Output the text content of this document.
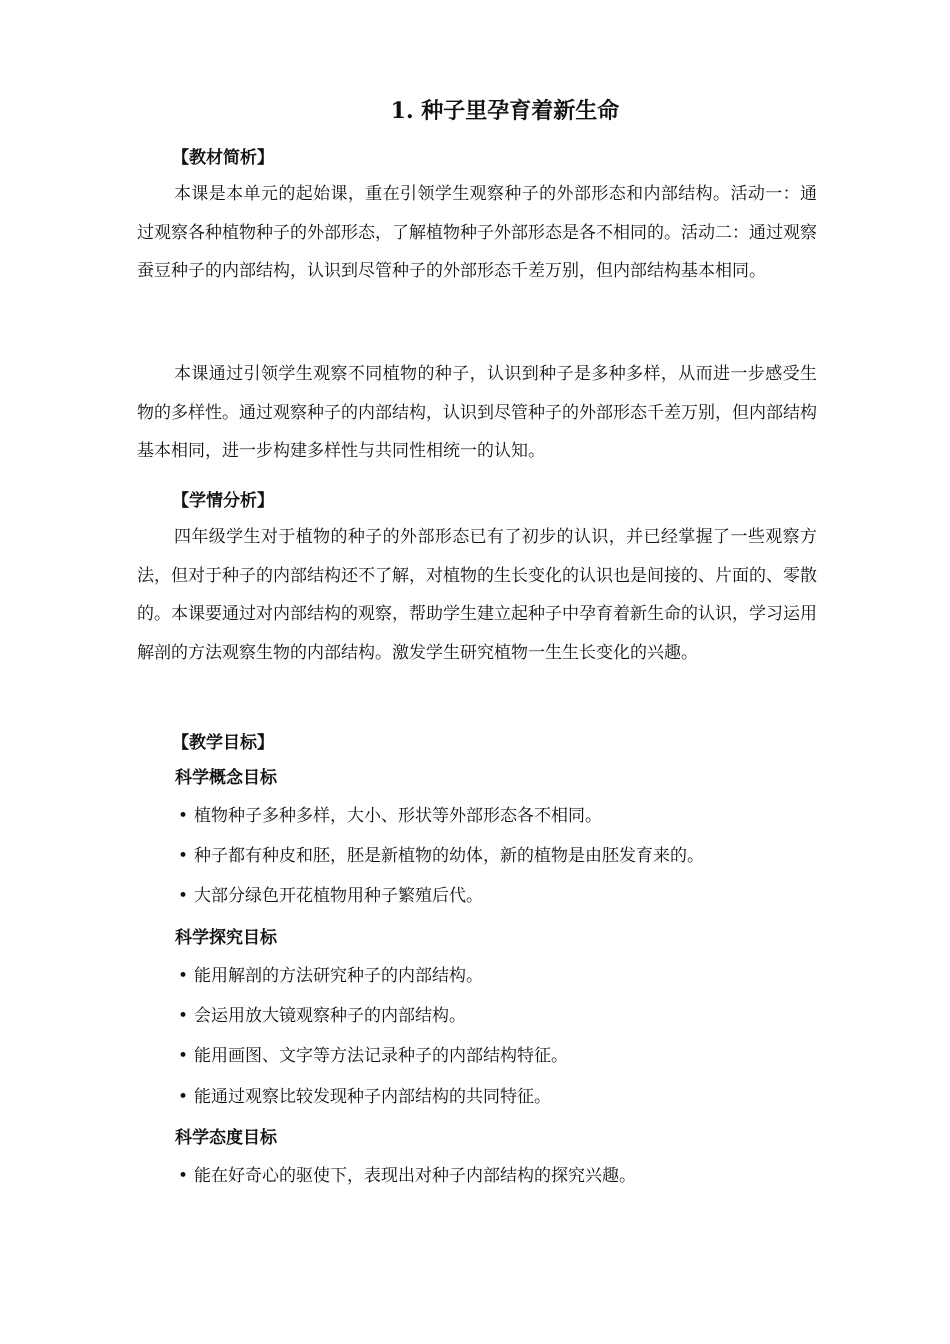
1. 种子里孕育着新生命
【教材简析】
本课是本单元的起始课，重在引领学生观察种子的外部形态和内部结构。活动一：通过观察各种植物种子的外部形态，了解植物种子外部形态是各不相同的。活动二：通过观察蚕豆种子的内部结构，认识到尽管种子的外部形态千差万别，但内部结构基本相同。
本课通过引领学生观察不同植物的种子，认识到种子是多种多样，从而进一步感受生物的多样性。通过观察种子的内部结构，认识到尽管种子的外部形态千差万别，但内部结构基本相同，进一步构建多样性与共同性相统一的认知。
【学情分析】
四年级学生对于植物的种子的外部形态已有了初步的认识，并已经掌握了一些观察方法，但对于种子的内部结构还不了解，对植物的生长变化的认识也是间接的、片面的、零散的。本课要通过对内部结构的观察，帮助学生建立起种子中孕育着新生命的认识，学习运用解剖的方法观察生物的内部结构。激发学生研究植物一生生长变化的兴趣。
【教学目标】
科学概念目标
• 植物种子多种多样，大小、形状等外部形态各不相同。
• 种子都有种皮和胚，胚是新植物的幼体，新的植物是由胚发育来的。
• 大部分绿色开花植物用种子繁殖后代。
科学探究目标
• 能用解剖的方法研究种子的内部结构。
• 会运用放大镜观察种子的内部结构。
• 能用画图、文字等方法记录种子的内部结构特征。
• 能通过观察比较发现种子内部结构的共同特征。
科学态度目标
• 能在好奇心的驱使下，表现出对种子内部结构的探究兴趣。
